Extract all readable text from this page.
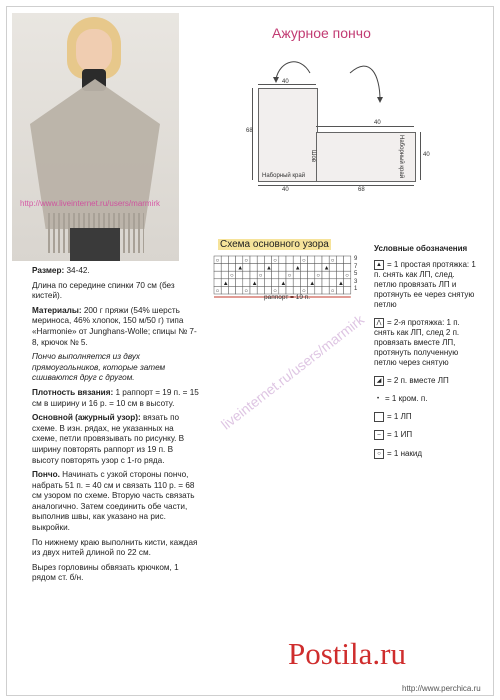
http://www.liveinternet.ru/users/marmirk
Ажурное пончо
40
68
40
40
40
68
Наборный край	Наборный край
Шов

Размер: 34-42.

Длина по середине спинки 70 см (без кистей).

Материалы: 200 г пряжи (54% шерсть мериноса, 46% хлопок, 150 м/50 г) типа «Harmonie» от Junghans-Wolle; спицы № 7-8, крючок № 5.

Пончо выполняется из двух прямоугольников, которые затем сшиваются друг с другом.

Плотность вязания: 1 раппорт = 19 п. = 15 см в ширину и 16 р. = 10 см в высоту.

Основной (ажурный узор): вязать по схеме. В изн. рядах, не указанных на схеме, петли провязывать по рисунку. В ширину повторять раппорт из 19 п. В высоту повторять узор с 1-го ряда.

Пончо. Начинать с узкой стороны пончо, набрать 51 п. = 40 см и связать 110 р. = 68 см узором по схеме. Вторую часть связать аналогично. Затем соединить обе части, выполнив швы, как указано на рис. выкройки.

По нижнему краю выполнить кисти, каждая из двух нитей длиной по 22 см.

Вырез горловины обвязать крючком, 1 рядом ст. б/н.

Схема основного узора
○	○	○	○	○
▲	▲	▲	▲
○	○	○	○	○
▲	▲	▲	▲	▲
○	○	○	○	○
9
7
5
3
1
раппорт = 19 п.
Условные обозначения
▲ = 1 простая протяжка: 1 п. снять как ЛП, след. петлю провязать ЛП и протянуть ее через снятую петлю
⋀ = 2-я протяжка: 1 п. снять как ЛП, след 2 п. провязать вместе ЛП, протянуть полученную петлю через снятую
◢ = 2 п. вместе ЛП
• = 1 кром. п.
= 1 ЛП
– = 1 ИП
○ = 1 накид
liveinternet.ru/users/marmirk
Postila.ru
http://www.perchica.ru
